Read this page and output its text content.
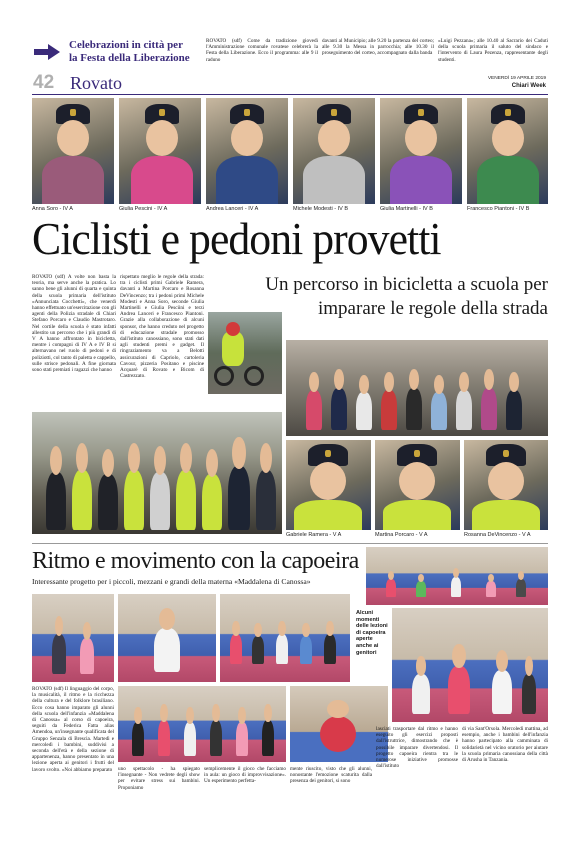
Celebrazioni in città per
la Festa della Liberazione
ROVATO (sdf) Come da tradizione giovedì l'Amministrazione comunale rovatese celebrerà la Festa della Liberazione. Ecco il programma: alle 9 il raduno
davanti al Municipio; alle 9.20 la partenza del corteo; alle 9.30 la Messa in parrocchia; alle 10.30 il proseguimento del corteo, accompagnato dalla banda
«Luigi Pezzana»; alle 10.40 al Sacrario dei Caduti della scuola primaria il saluto del sindaco e l'intervento di Laura Pezenza, rappresentante degli studenti.
42 Rovato	VENERDÌ 19 APRILE 2019
Chiari Week
Anna Soro - IV A	Giulia Pescini - IV A	Andrea Lanceri - IV A	Michele Modesti - IV B	Giulia Martinelli - IV B	Francesco Piantoni - IV B
Ciclisti e pedoni provetti
ROVATO (sdf) A volte non basta la teoria, ma serve anche la pratica. Lo sanno bene gli alunni di quarta e quinta della scuola primaria dell'istituto «Annunciata Cocchetti», che venerdì hanno effettuato un'esercitazione con gli agenti della Polizia stradale di Chiari Stefano Porcaro e Claudio Mastrotaro. Nel cortile della scuola è stato infatti allestito un percorso che i più grandi di V A hanno affrontato in bicicletta, mentre i compagni di IV A e IV B si alternavano nel ruolo di pedoni e di poliziotti, col tanto di paletta e cappello, sulle strisce pedonali. A fine giornata sono stati premiati i ragazzi che hanno
rispettato meglio le regole della strada: tra i ciclisti primi Gabriele Ramera, davanti a Martina Porcaro e Rosanna DeVincenzo; tra i pedoni primi Michele Modesti e Anna Soro, seconde Giulia Martinelli e Giulia Pesciini e terzi Andrea Lanceri e Francesco Piantoni. Grazie alla collaborazione di alcuni sponsor, che hanno creduto nel progetto di educazione stradale promosso dall'istituto canossiano, sono stati dati agli studenti premi e gadget. Il ringraziamento va a Belotti assicurazioni di Capriolo, cartoleria Cavour, pizzeria Positano e piscine Acquarè di Rovato e Bicom di Castrezzato.
Un percorso in bicicletta a scuola per
imparare le regole della strada
Gabriele Ramera - V A	Martina Porcaro - V A	Rosanna DeVincenzo - V A
Ritmo e movimento con la capoeira
Interessante progetto per i piccoli, mezzani e grandi della materna «Maddalena di Canossa»
Alcuni momenti delle lezioni di capoeira aperte anche ai genitori
ROVATO (sdf) Il linguaggio del corpo, la musicalità, il ritmo e la ricchezza della cultura e del folklore brasiliano. Ecco cosa hanno imparato gli alunni della scuola dell'infanzia «Maddalena di Canossa» al corso di capoeira, seguiti da Federica Fatta alias Amendoa, un'insegnante qualificata del Gruppo Senzala di Brescia. Martedì e mercoledì i bambini, suddivisi a seconda dell'età e della sezione di appartenenza, hanno presentato in una lezione aperta ai genitori i frutti del lavoro svolto. «Noi abbiamo preparato	uno spettacolo - ha spiegato l'insegnante - Non vedrete degli show per evitare stress sui bambini. Proponiamo
semplicemente il gioco che facciamo in aula: un gioco di improvvisazione». Un esperimento perfetta-
mente riuscito, visto che gli alunni, nonostante l'emozione scaturita dalla presenza dei genitori, si sono
lasciati trasportare dal ritmo e hanno eseguito gli esercizi proposti dall'istruttrice, dimostrando che è possibile imparare divertendosi. Il progetto capoeira rientra tra le numerose iniziative promosse dall'istituto
di via Sant'Orsola. Mercoledì mattina, ad esempio, anche i bambini dell'infanzia hanno partecipato alla camminata di solidarietà nel vicino oratorio per aiutare la scuola primaria canossiana della città di Arusha in Tanzania.
